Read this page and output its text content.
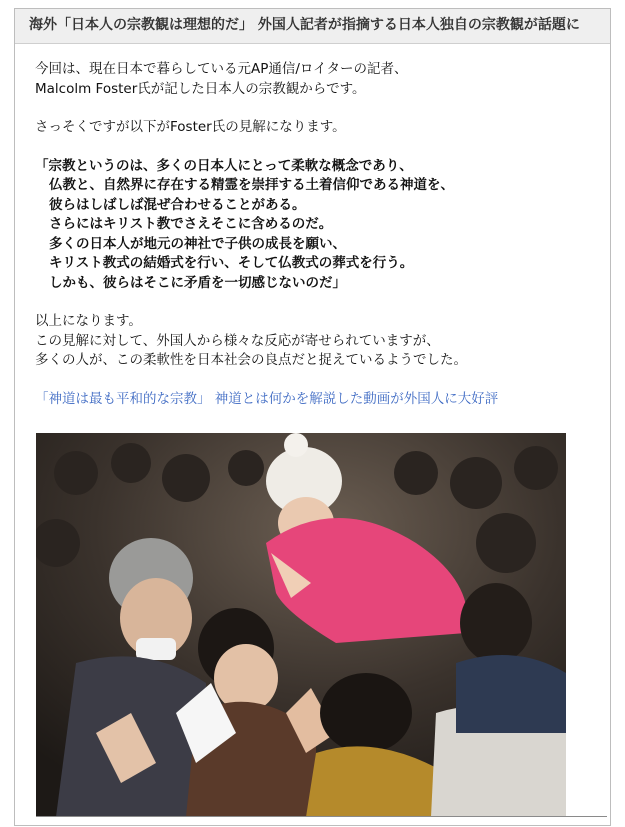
海外「日本人の宗教観は理想的だ」 外国人記者が指摘する日本人独自の宗教観が話題に

今回は、現在日本で暮らしている元AP通信/ロイターの記者、

Malcolm Foster氏が記した日本人の宗教観からです。

さっそくですが以下がFoster氏の見解になります。

「宗教というのは、多くの日本人にとって柔軟な概念であり、
仏教と、自然界に存在する精霊を崇拝する土着信仰である神道を、
彼らはしばしば混ぜ合わせることがある。
さらにはキリスト教でさえそこに含めるのだ。
多くの日本人が地元の神社で子供の成長を願い、
キリスト教式の結婚式を行い、そして仏教式の葬式を行う。
しかも、彼らはそこに矛盾を一切感じないのだ」

以上になります。

この見解に対して、外国人から様々な反応が寄せられていますが、

多くの人が、この柔軟性を日本社会の良点だと捉えているようでした。

「神道は最も平和的な宗教」 神道とは何かを解説した動画が外国人に大好評
